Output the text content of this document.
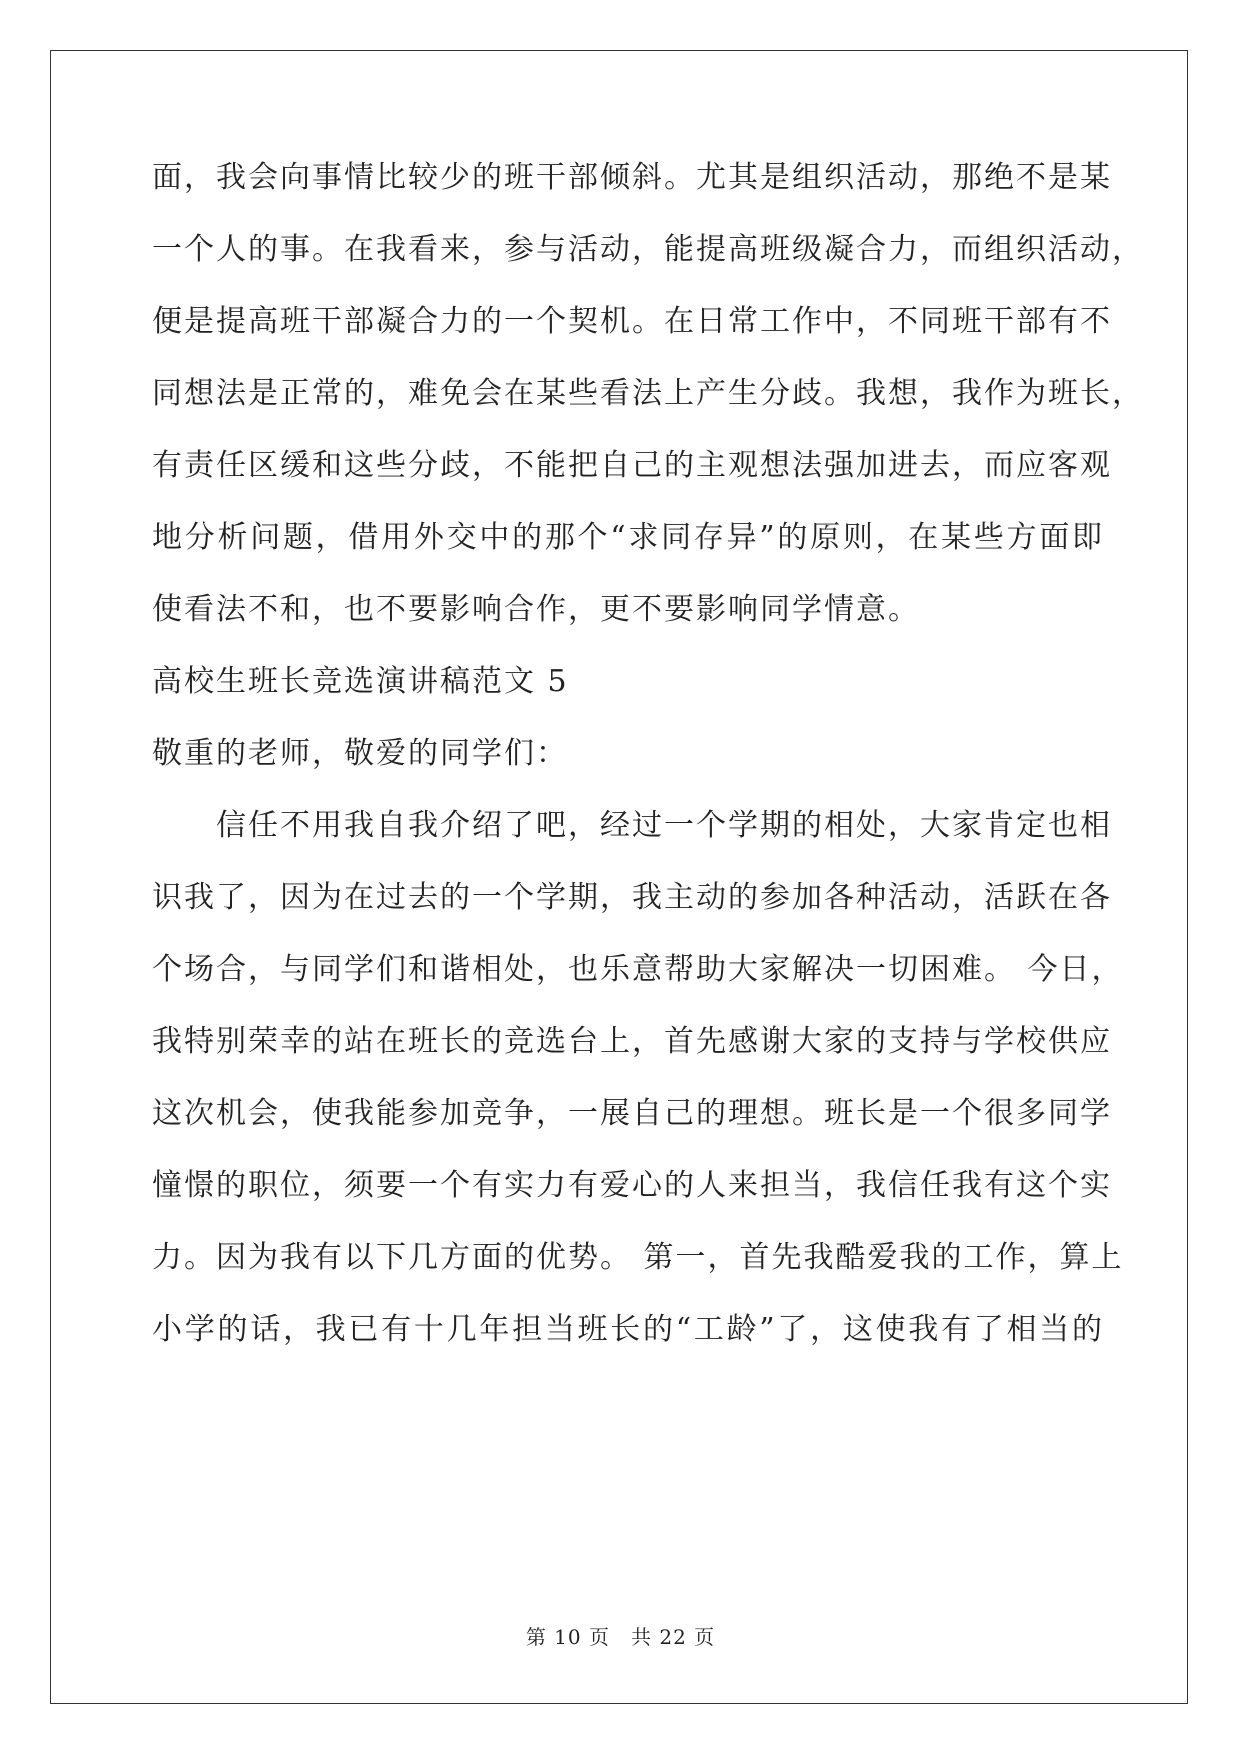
面，我会向事情比较少的班干部倾斜。尤其是组织活动，那绝不是某
一个人的事。在我看来，参与活动，能提高班级凝合力，而组织活动，
便是提高班干部凝合力的一个契机。在日常工作中，不同班干部有不
同想法是正常的，难免会在某些看法上产生分歧。我想，我作为班长，
有责任区缓和这些分歧，不能把自己的主观想法强加进去，而应客观
地分析问题，借用外交中的那个“求同存异”的原则，在某些方面即
使看法不和，也不要影响合作，更不要影响同学情意。
高校生班长竞选演讲稿范文 5
敬重的老师，敬爱的同学们：
　　信任不用我自我介绍了吧，经过一个学期的相处，大家肯定也相
识我了，因为在过去的一个学期，我主动的参加各种活动，活跃在各
个场合，与同学们和谐相处，也乐意帮助大家解决一切困难。 今日，
我特别荣幸的站在班长的竞选台上，首先感谢大家的支持与学校供应
这次机会，使我能参加竞争，一展自己的理想。班长是一个很多同学
憧憬的职位，须要一个有实力有爱心的人来担当，我信任我有这个实
力。因为我有以下几方面的优势。 第一，首先我酷爱我的工作，算上
小学的话，我已有十几年担当班长的“工龄”了，这使我有了相当的
第 10 页　共 22 页
